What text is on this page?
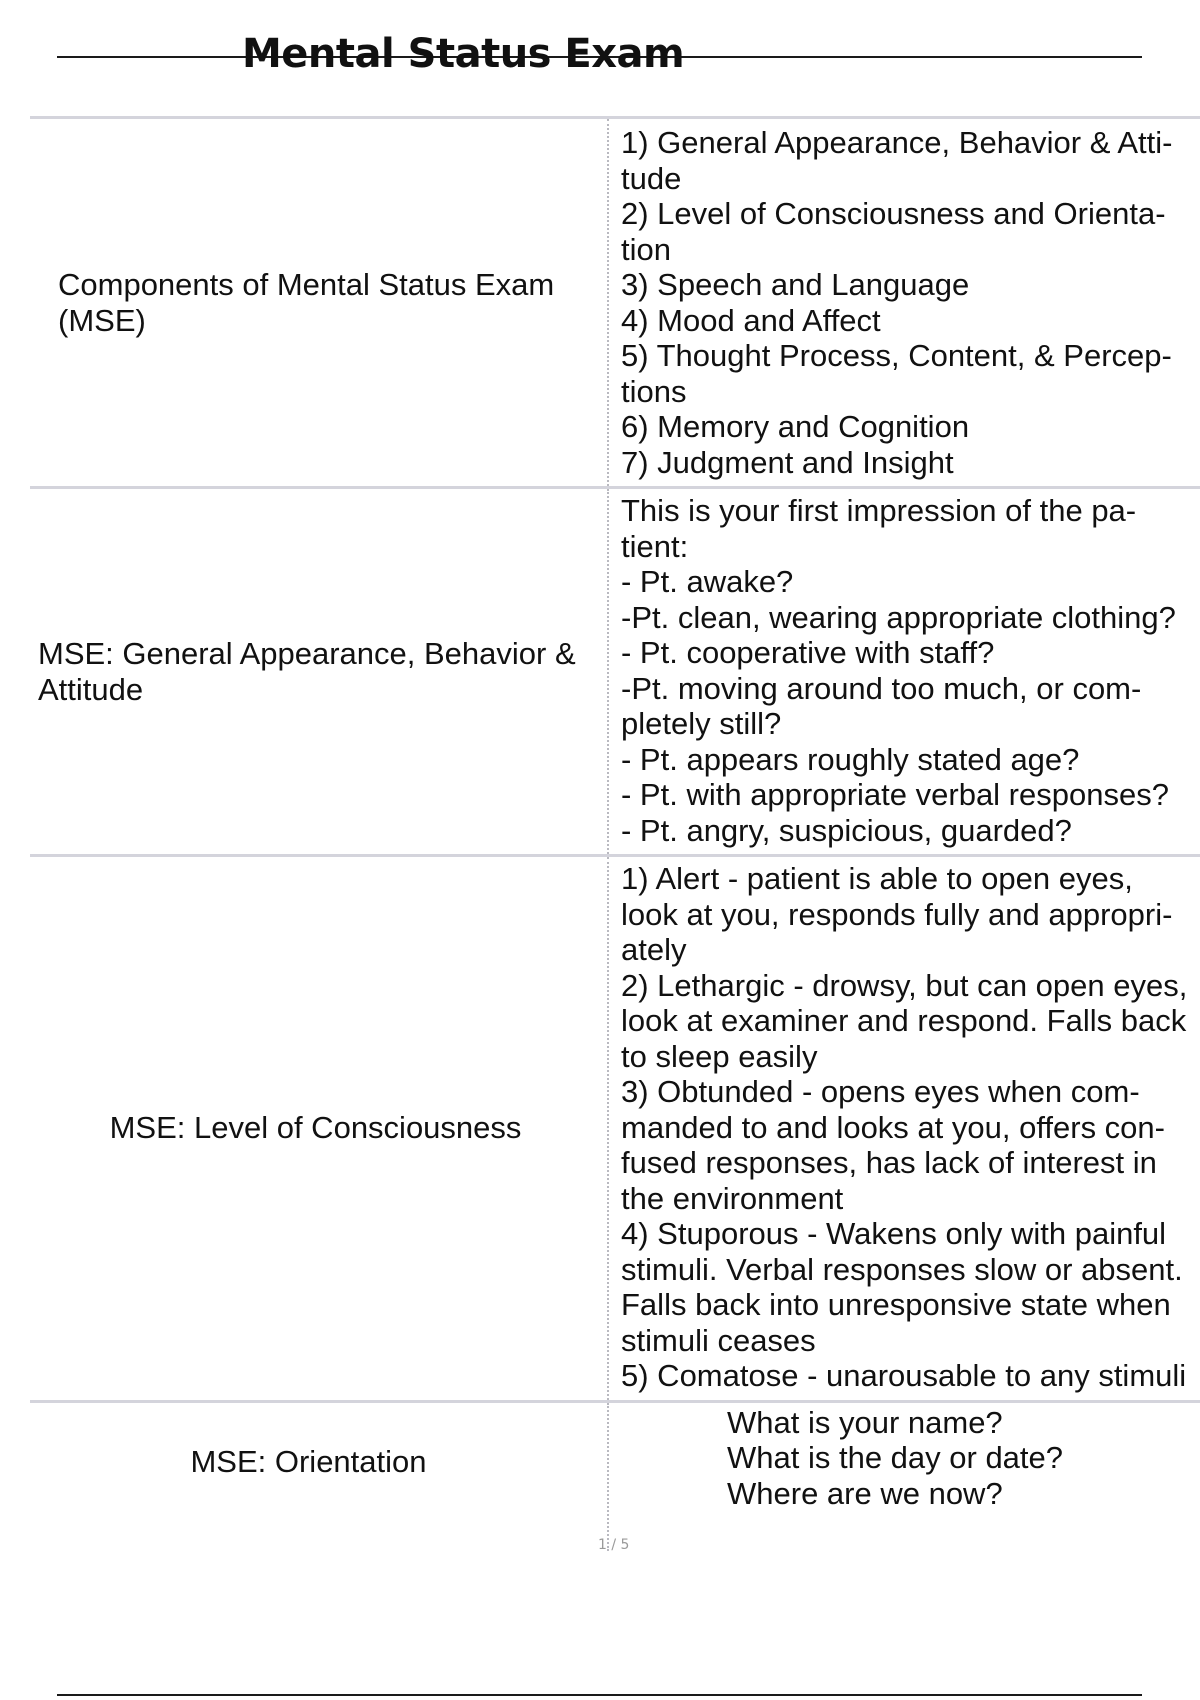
Mental Status Exam
Components of Mental Status Exam
(MSE)
1) General Appearance, Behavior & Atti-
tude
2) Level of Consciousness and Orienta-
tion
3) Speech and Language
4) Mood and Affect
5) Thought Process, Content, & Percep-
tions
6) Memory and Cognition
7) Judgment and Insight
MSE: General Appearance, Behavior &
Attitude
This is your first impression of the pa-
tient:
- Pt. awake?
-Pt. clean, wearing appropriate clothing?
- Pt. cooperative with staff?
-Pt. moving around too much, or com-
pletely still?
- Pt. appears roughly stated age?
- Pt. with appropriate verbal responses?
- Pt. angry, suspicious, guarded?
MSE: Level of Consciousness
1) Alert - patient is able to open eyes,
look at you, responds fully and appropri-
ately
2) Lethargic - drowsy, but can open eyes,
look at examiner and respond. Falls back
to sleep easily
3) Obtunded - opens eyes when com-
manded to and looks at you, offers con-
fused responses, has lack of interest in
the environment
4) Stuporous - Wakens only with painful
stimuli. Verbal responses slow or absent.
Falls back into unresponsive state when
stimuli ceases
5) Comatose - unarousable to any stimuli
MSE: Orientation
What is your name?
What is the day or date?
Where are we now?
1 / 5
